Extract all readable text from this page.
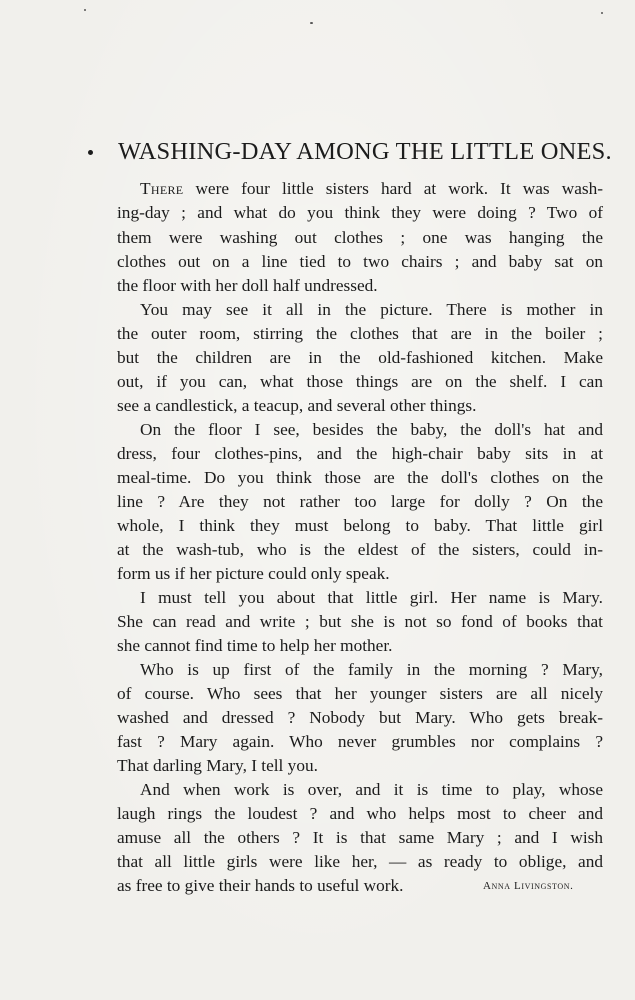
WASHING-DAY AMONG THE LITTLE ONES.

There were four little sisters hard at work. It was wash-

ing-day ; and what do you think they were doing ? Two of

them were washing out clothes ; one was hanging the

clothes out on a line tied to two chairs ; and baby sat on

the floor with her doll half undressed.

You may see it all in the picture. There is mother in

the outer room, stirring the clothes that are in the boiler ;

but the children are in the old-fashioned kitchen. Make

out, if you can, what those things are on the shelf. I can

see a candlestick, a teacup, and several other things.

On the floor I see, besides the baby, the doll's hat and

dress, four clothes-pins, and the high-chair baby sits in at

meal-time. Do you think those are the doll's clothes on the

line ? Are they not rather too large for dolly ? On the

whole, I think they must belong to baby. That little girl

at the wash-tub, who is the eldest of the sisters, could in-

form us if her picture could only speak.

I must tell you about that little girl. Her name is Mary.

She can read and write ; but she is not so fond of books that

she cannot find time to help her mother.

Who is up first of the family in the morning ? Mary,

of course. Who sees that her younger sisters are all nicely

washed and dressed ? Nobody but Mary. Who gets break-

fast ? Mary again. Who never grumbles nor complains ?

That darling Mary, I tell you.

And when work is over, and it is time to play, whose

laugh rings the loudest ? and who helps most to cheer and

amuse all the others ? It is that same Mary ; and I wish

that all little girls were like her, — as ready to oblige, and

as free to give their hands to useful work.	Anna Livingston.
